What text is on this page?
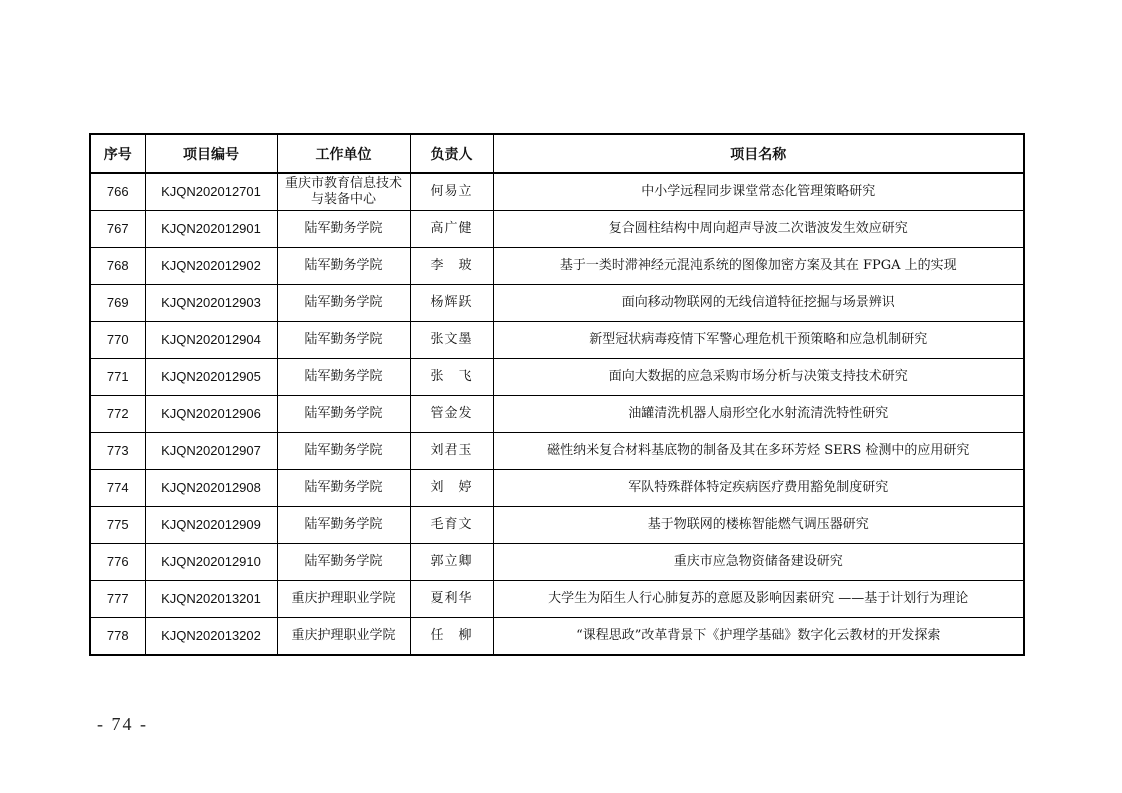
序号	项目编号	工作单位	负责人	项目名称
766	KJQN202012701	重庆市教育信息技术与装备中心	何易立	中小学远程同步课堂常态化管理策略研究
767	KJQN202012901	陆军勤务学院	高广健	复合圆柱结构中周向超声导波二次谐波发生效应研究
768	KJQN202012902	陆军勤务学院	李　玻	基于一类时滞神经元混沌系统的图像加密方案及其在 FPGA 上的实现
769	KJQN202012903	陆军勤务学院	杨辉跃	面向移动物联网的无线信道特征挖掘与场景辨识
770	KJQN202012904	陆军勤务学院	张文墨	新型冠状病毒疫情下军警心理危机干预策略和应急机制研究
771	KJQN202012905	陆军勤务学院	张　飞	面向大数据的应急采购市场分析与决策支持技术研究
772	KJQN202012906	陆军勤务学院	管金发	油罐清洗机器人扇形空化水射流清洗特性研究
773	KJQN202012907	陆军勤务学院	刘君玉	磁性纳米复合材料基底物的制备及其在多环芳烃 SERS 检测中的应用研究
774	KJQN202012908	陆军勤务学院	刘　婷	军队特殊群体特定疾病医疗费用豁免制度研究
775	KJQN202012909	陆军勤务学院	毛育文	基于物联网的楼栋智能燃气调压器研究
776	KJQN202012910	陆军勤务学院	郭立卿	重庆市应急物资储备建设研究
777	KJQN202013201	重庆护理职业学院	夏利华	大学生为陌生人行心肺复苏的意愿及影响因素研究 ——基于计划行为理论
778	KJQN202013202	重庆护理职业学院	任　柳	“课程思政”改革背景下《护理学基础》数字化云教材的开发探索
- 74 -
